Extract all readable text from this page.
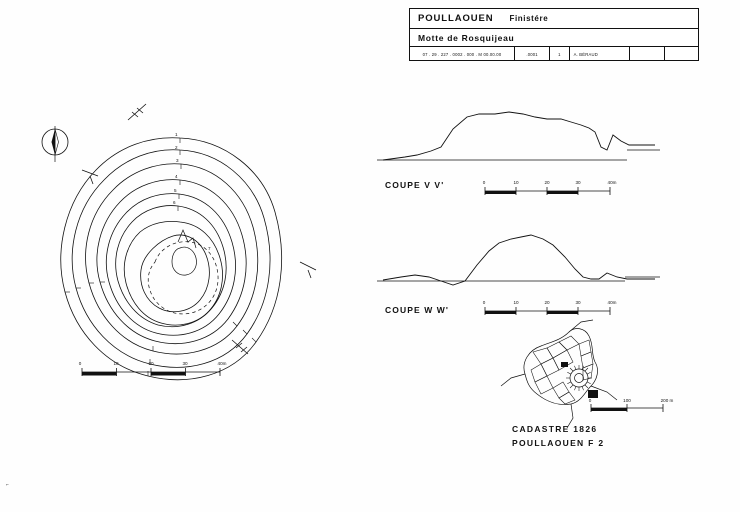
POULLAOUEN	Finistére
Motte de Rosquijeau
07 . 29 . 227 . 0002 . 000 . M 00.00.00	.0001	1	A. BÉRAUD
1
2
3
4
5
6
7
0	10	20	30	40m
0	10	20	30	40m
0	10	20	30	40m
COUPE V V'
COUPE W W'
0	100	200 m
CADASTRE 1826
POULLAOUEN F 2
⌐
